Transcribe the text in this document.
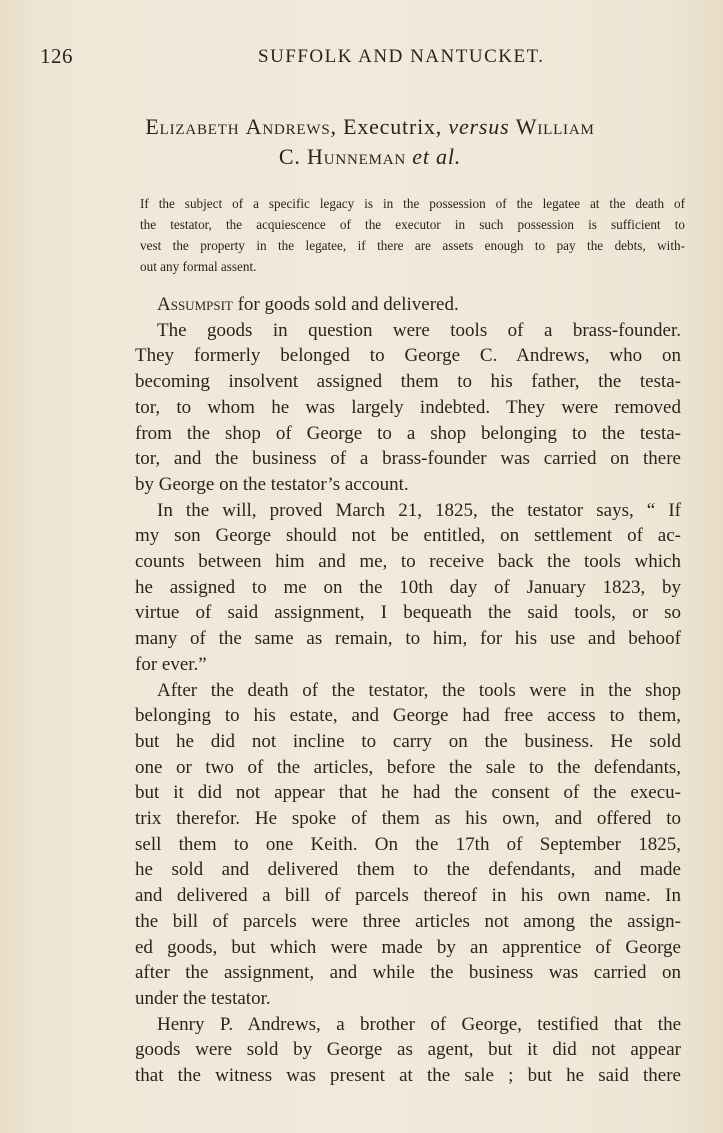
126	SUFFOLK AND NANTUCKET.
Elizabeth Andrews, Executrix, versus William
C. Hunneman et al.
If the subject of a specific legacy is in the possession of the legatee at the death of
the testator, the acquiescence of the executor in such possession is sufficient to
vest the property in the legatee, if there are assets enough to pay the debts, with-
out any formal assent.
Assumpsit for goods sold and delivered.
The goods in question were tools of a brass-founder.
They formerly belonged to George C. Andrews, who on
becoming insolvent assigned them to his father, the testa-
tor, to whom he was largely indebted. They were removed
from the shop of George to a shop belonging to the testa-
tor, and the business of a brass-founder was carried on there
by George on the testator’s account.
In the will, proved March 21, 1825, the testator says, “ If
my son George should not be entitled, on settlement of ac-
counts between him and me, to receive back the tools which
he assigned to me on the 10th day of January 1823, by
virtue of said assignment, I bequeath the said tools, or so
many of the same as remain, to him, for his use and behoof
for ever.”
After the death of the testator, the tools were in the shop
belonging to his estate, and George had free access to them,
but he did not incline to carry on the business. He sold
one or two of the articles, before the sale to the defendants,
but it did not appear that he had the consent of the execu-
trix therefor. He spoke of them as his own, and offered to
sell them to one Keith. On the 17th of September 1825,
he sold and delivered them to the defendants, and made
and delivered a bill of parcels thereof in his own name. In
the bill of parcels were three articles not among the assign-
ed goods, but which were made by an apprentice of George
after the assignment, and while the business was carried on
under the testator.
Henry P. Andrews, a brother of George, testified that the
goods were sold by George as agent, but it did not appear
that the witness was present at the sale ; but he said there
